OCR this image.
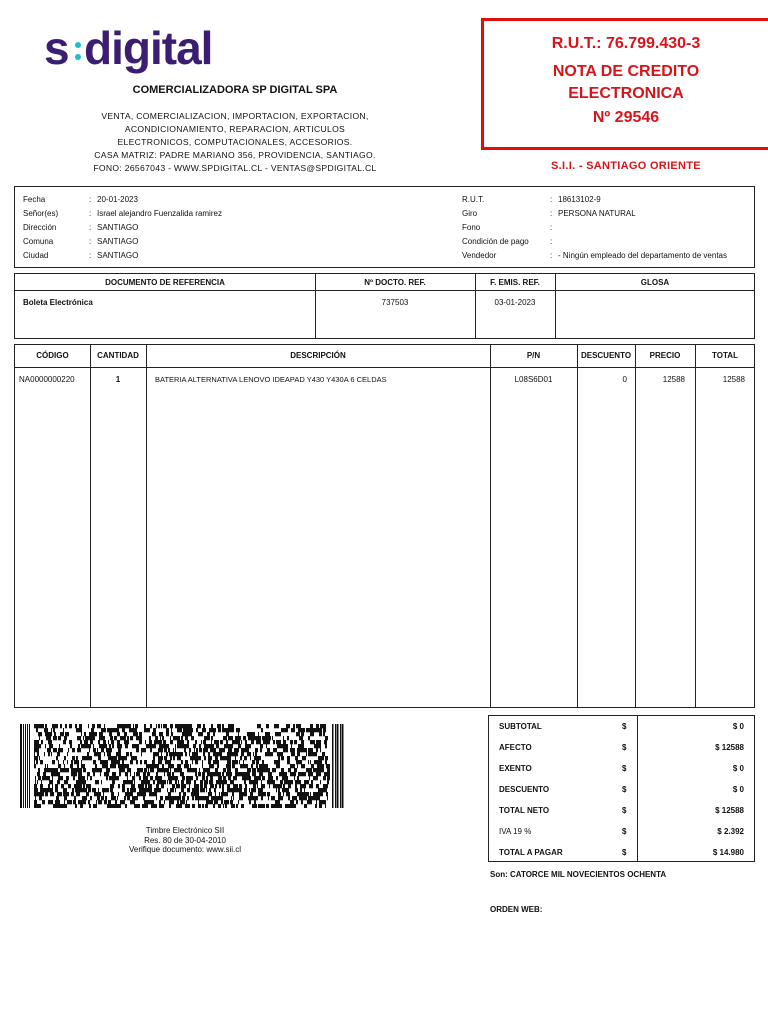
s digital
COMERCIALIZADORA SP DIGITAL SPA
VENTA, COMERCIALIZACION, IMPORTACION, EXPORTACION,
ACONDICIONAMIENTO, REPARACION, ARTICULOS
ELECTRONICOS, COMPUTACIONALES, ACCESORIOS.
CASA MATRIZ: PADRE MARIANO 356, PROVIDENCIA, SANTIAGO.
FONO: 26567043 - WWW.SPDIGITAL.CL - VENTAS@SPDIGITAL.CL
R.U.T.: 76.799.430-3
NOTA DE CREDITO
ELECTRONICA
Nº 29546
S.I.I. - SANTIAGO ORIENTE
Fecha	: 20-01-2023
Señor(es)	: Israel alejandro Fuenzalida ramirez
Dirección	: SANTIAGO
Comuna	: SANTIAGO
Ciudad	: SANTIAGO
R.U.T.	: 18613102-9
Giro	: PERSONA NATURAL
Fono	:
Condición de pago	:
Vendedor	: - Ningún empleado del departamento de ventas
DOCUMENTO DE REFERENCIA	Nº DOCTO. REF.	F. EMIS. REF.	GLOSA
Boleta Electrónica	737503	03-01-2023
CÓDIGO	CANTIDAD	DESCRIPCIÓN	P/N	DESCUENTO	PRECIO	TOTAL
NA0000000220	1	BATERIA ALTERNATIVA LENOVO IDEAPAD Y430 Y430A 6 CELDAS	L08S6D01	0	12588	12588
Timbre Electrónico SII
Res. 80 de 30-04-2010
Verifique documento: www.sii.cl
SUBTOTAL	$	$ 0
AFECTO	$	$ 12588
EXENTO	$	$ 0
DESCUENTO	$	$ 0
TOTAL NETO	$	$ 12588
IVA 19 %	$	$ 2.392
TOTAL A PAGAR	$	$ 14.980
Son: CATORCE MIL NOVECIENTOS OCHENTA
ORDEN WEB:
